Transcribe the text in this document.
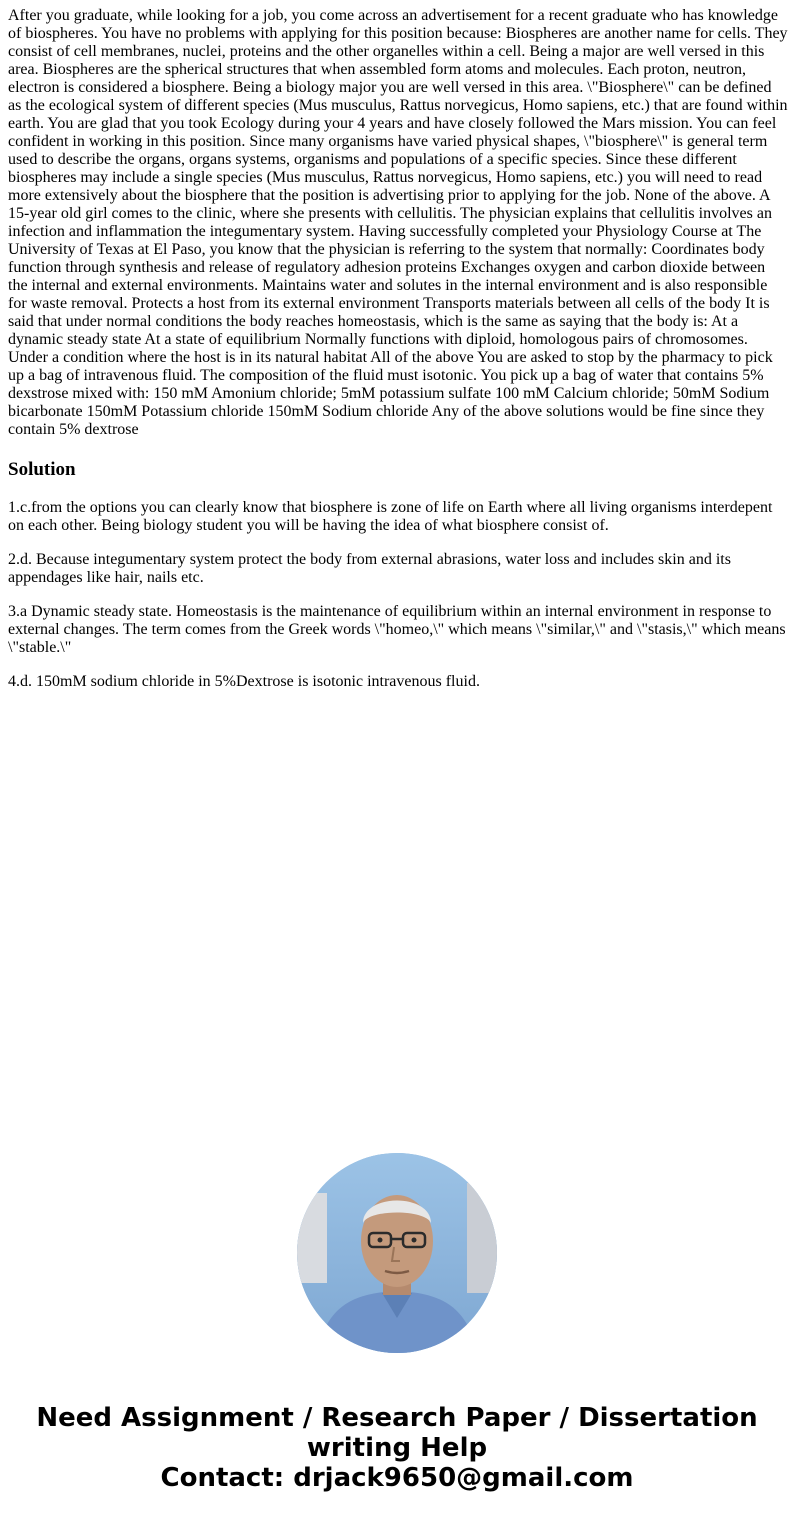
After you graduate, while looking for a job, you come across an advertisement for a recent graduate who has knowledge of biospheres. You have no problems with applying for this position because: Biospheres are another name for cells. They consist of cell membranes, nuclei, proteins and the other organelles within a cell. Being a major are well versed in this area. Biospheres are the spherical structures that when assembled form atoms and molecules. Each proton, neutron, electron is considered a biosphere. Being a biology major you are well versed in this area. \"Biosphere\" can be defined as the ecological system of different species (Mus musculus, Rattus norvegicus, Homo sapiens, etc.) that are found within earth. You are glad that you took Ecology during your 4 years and have closely followed the Mars mission. You can feel confident in working in this position. Since many organisms have varied physical shapes, \"biosphere\" is general term used to describe the organs, organs systems, organisms and populations of a specific species. Since these different biospheres may include a single species (Mus musculus, Rattus norvegicus, Homo sapiens, etc.) you will need to read more extensively about the biosphere that the position is advertising prior to applying for the job. None of the above. A 15-year old girl comes to the clinic, where she presents with cellulitis. The physician explains that cellulitis involves an infection and inflammation the integumentary system. Having successfully completed your Physiology Course at The University of Texas at El Paso, you know that the physician is referring to the system that normally: Coordinates body function through synthesis and release of regulatory adhesion proteins Exchanges oxygen and carbon dioxide between the internal and external environments. Maintains water and solutes in the internal environment and is also responsible for waste removal. Protects a host from its external environment Transports materials between all cells of the body It is said that under normal conditions the body reaches homeostasis, which is the same as saying that the body is: At a dynamic steady state At a state of equilibrium Normally functions with diploid, homologous pairs of chromosomes. Under a condition where the host is in its natural habitat All of the above You are asked to stop by the pharmacy to pick up a bag of intravenous fluid. The composition of the fluid must isotonic. You pick up a bag of water that contains 5% dexstrose mixed with: 150 mM Amonium chloride; 5mM potassium sulfate 100 mM Calcium chloride; 50mM Sodium bicarbonate 150mM Potassium chloride 150mM Sodium chloride Any of the above solutions would be fine since they contain 5% dextrose

Solution

1.c.from the options you can clearly know that biosphere is zone of life on Earth where all living organisms interdepent on each other. Being biology student you will be having the idea of what biosphere consist of.

2.d. Because integumentary system protect the body from external abrasions, water loss and includes skin and its appendages like hair, nails etc.

3.a Dynamic steady state. Homeostasis is the maintenance of equilibrium within an internal environment in response to external changes. The term comes from the Greek words \"homeo,\" which means \"similar,\" and \"stasis,\" which means \"stable.\"

4.d. 150mM sodium chloride in 5%Dextrose is isotonic intravenous fluid.

Need Assignment / Research Paper / Dissertation writing Help
Contact: drjack9650@gmail.com
